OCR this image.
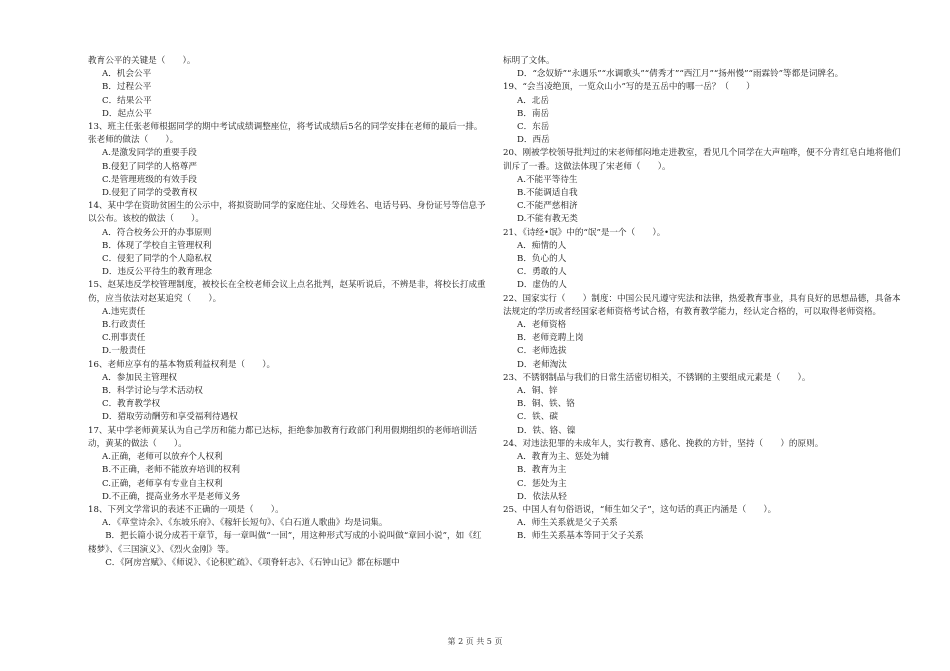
教育公平的关键是（　　）。

A．机会公平

B．过程公平

C．结果公平

D．起点公平

13、班主任张老师根据同学的期中考试成绩调整座位，将考试成绩后5名的同学安排在老师的最后一排。张老师的做法（　　）。

A.是激发同学的重要手段

B.侵犯了同学的人格尊严

C.是管理班级的有效手段

D.侵犯了同学的受教育权

14、某中学在资助贫困生的公示中，将拟资助同学的家庭住址、父母姓名、电话号码、身份证号等信息予以公布。该校的做法（　　）。

A．符合校务公开的办事原则

B．体现了学校自主管理权利

C．侵犯了同学的个人隐私权

D．违反公平待生的教育理念

15、赵某违反学校管理制度，被校长在全校老师会议上点名批判，赵某听说后，不辨是非，将校长打成重伤，应当依法对赵某追究（　　）。

A.违宪责任

B.行政责任

C.刑事责任

D.一般责任

16、老师应享有的基本物质利益权利是（　　）。

A．参加民主管理权

B．科学讨论与学术活动权

C．教育教学权

D．猎取劳动酬劳和享受福利待遇权

17、某中学老师黄某认为自己学历和能力都已达标，拒绝参加教育行政部门利用假期组织的老师培训活动，黄某的做法（　　）。

A.正确，老师可以放弃个人权利

B.不正确，老师不能放弃培训的权利

C.正确，老师享有专业自主权利

D.不正确，提高业务水平是老师义务

18、下列文学常识的表述不正确的一项是（　　）。

A．《草堂诗余》、《东坡乐府》、《稼轩长短句》、《白石道人歌曲》均是词集。

　　B．把长篇小说分成若干章节，每一章叫做“一回”，用这种形式写成的小说叫做“章回小说”，如《红楼梦》、《三国演义》、《烈火金刚》等。

　　C．《阿房宫赋》、《师说》、《论积贮疏》、《项脊轩志》、《石钟山记》都在标题中

标明了文体。

D．“念奴娇”“永遇乐”“水调歌头”“倩秀才”“西江月”“扬州慢”“雨霖铃”等都是词牌名。

19、“会当凌绝顶，一览众山小”写的是五岳中的哪一岳？（　　）

A．北岳

B．南岳

C．东岳

D．西岳

20、刚被学校领导批判过的宋老师郁闷地走进教室，看见几个同学在大声喧哗，便不分青红皂白地将他们训斥了一番。这做法体现了宋老师（　　）。

A.不能平等待生

B.不能调适自我

C.不能严慈相济

D.不能有教无类

21、《诗经•氓》中的“氓”是一个（　　）。

A．痴情的人

B．负心的人

C．勇敢的人

D．虚伪的人

22、国家实行（　　）制度：中国公民凡遵守宪法和法律，热爱教育事业，具有良好的思想品德，具备本法规定的学历或者经国家老师资格考试合格，有教育教学能力，经认定合格的，可以取得老师资格。

A．老师资格

B．老师竞聘上岗

C．老师选拔

D．老师淘汰

23、不锈钢制品与我们的日常生活密切相关，不锈钢的主要组成元素是（　　）。

A．铜、锌

B．铜、铁、铬

C．铁、碳

D．铁、铬、镍

24、对违法犯罪的未成年人，实行教育、感化、挽救的方针，坚持（　　）的原则。

A．教育为主、惩处为辅

B．教育为主

C．惩处为主

D．依法从轻

25、中国人有句俗语说，“师生如父子”，这句话的真正内涵是（　　）。

A．师生关系就是父子关系

B．师生关系基本等同于父子关系

第 2 页 共 5 页
